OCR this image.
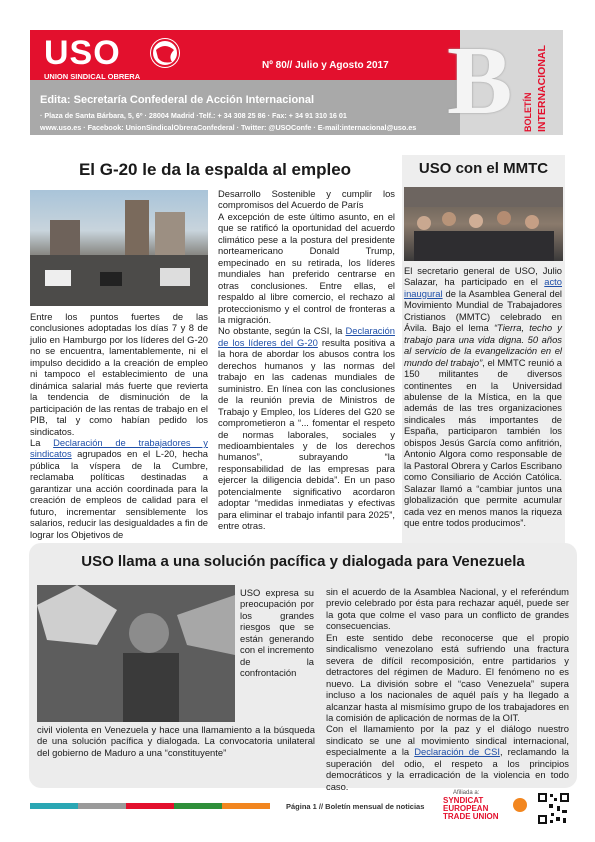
USO
UNION SINDICAL OBRERA
Nº 80// Julio y Agosto 2017
Edita: Secretaría Confederal de Acción Internacional
· Plaza de Santa Bárbara, 5, 6º · 28004 Madrid ·Telf.: + 34 308 25 86 · Fax: + 34 91 310 16 01
www.uso.es · Facebook: UnionSindicalObreraConfederal · Twitter: @USOConfe · E-mail:internacional@uso.es B BOLETÍN INTERNACIONAL
El G-20 le da la espalda al empleo

Entre los puntos fuertes de las conclusiones adoptadas los días 7 y 8 de julio en Hamburgo por los líderes del G-20 no se encuentra, lamentablemente, ni el impulso decidido a la creación de empleo ni tampoco el establecimiento de una dinámica salarial más fuerte que revierta la tendencia de disminución de la participación de las rentas de trabajo en el PIB, tal y como habían pedido los sindicatos.

La Declaración de trabajadores y sindicatos agrupados en el L-20, hecha pública la víspera de la Cumbre, reclamaba políticas destinadas a garantizar una acción coordinada para la creación de empleos de calidad para el futuro, incrementar sensiblemente los salarios, reducir las desigualdades a fin de lograr los Objetivos de

Desarrollo Sostenible y cumplir los compromisos del Acuerdo de París

A excepción de este último asunto, en el que se ratificó la oportunidad del acuerdo climático pese a la postura del presidente norteamericano Donald Trump, empecinado en su retirada, los líderes mundiales han preferido centrarse en otras conclusiones. Entre ellas, el respaldo al libre comercio, el rechazo al proteccionismo y el control de fronteras a la migración.

No obstante, según la CSI, la Declaración de los líderes del G-20 resulta positiva a la hora de abordar los abusos contra los derechos humanos y las normas del trabajo en las cadenas mundiales de suministro. En línea con las conclusiones de la reunión previa de Ministros de Trabajo y Empleo, los Líderes del G20 se comprometieron a “... fomentar el respeto de normas laborales, sociales y medioambientales y de los derechos humanos”, subrayando “la responsabilidad de las empresas para ejercer la diligencia debida”. En un paso potencialmente significativo acordaron adoptar “medidas inmediatas y efectivas para eliminar el trabajo infantil para 2025”, entre otras.

USO con el MMTC

El secretario general de USO, Julio Salazar, ha participado en el acto inaugural de la Asamblea General del Movimiento Mundial de Trabajadores Cristianos (MMTC) celebrado en Ávila. Bajo el lema “Tierra, techo y trabajo para una vida digna. 50 años al servicio de la evangelización en el mundo del trabajo”, el MMTC reunió a 150 militantes de diversos continentes en la Universidad abulense de la Mística, en la que además de las tres organizaciones sindicales más importantes de España, participaron también los obispos Jesús García como anfitrión, Antonio Algora como responsable de la Pastoral Obrera y Carlos Escribano como Consiliario de Acción Católica. Salazar llamó a “cambiar juntos una globalización que permite acumular cada vez en menos manos la riqueza que entre todos producimos”.

USO llama a una solución pacífica y dialogada para Venezuela
USO expresa su preocupación por los grandes riesgos que se están generando con el incremento de la confrontación
civil violenta en Venezuela y hace una llamamiento a la búsqueda de una solución pacífica y dialogada. La convocatoria unilateral del gobierno de Maduro a una “constituyente”

sin el acuerdo de la Asamblea Nacional, y el referéndum previo celebrado por ésta para rechazar aquél, puede ser la gota que colme el vaso para un conflicto de grandes consecuencias.

En este sentido debe reconocerse que el propio sindicalismo venezolano está sufriendo una fractura severa de difícil recomposición, entre partidarios y detractores del régimen de Maduro. El fenómeno no es nuevo. La división sobre el “caso Venezuela” supera incluso a los nacionales de aquél país y ha llegado a alcanzar hasta al mismísimo grupo de los trabajadores en la comisión de aplicación de normas de la OIT.

Con el llamamiento por la paz y el diálogo nuestro sindicato se une al movimiento sindical internacional, especialmente a la Declaración de CSI, reclamando la superación del odio, el respeto a los principios democráticos y la erradicación de la violencia en todo caso.

Página 1 // Boletín mensual de noticias
Afiliada a:
SYNDICAT
EUROPEAN
TRADE UNION
